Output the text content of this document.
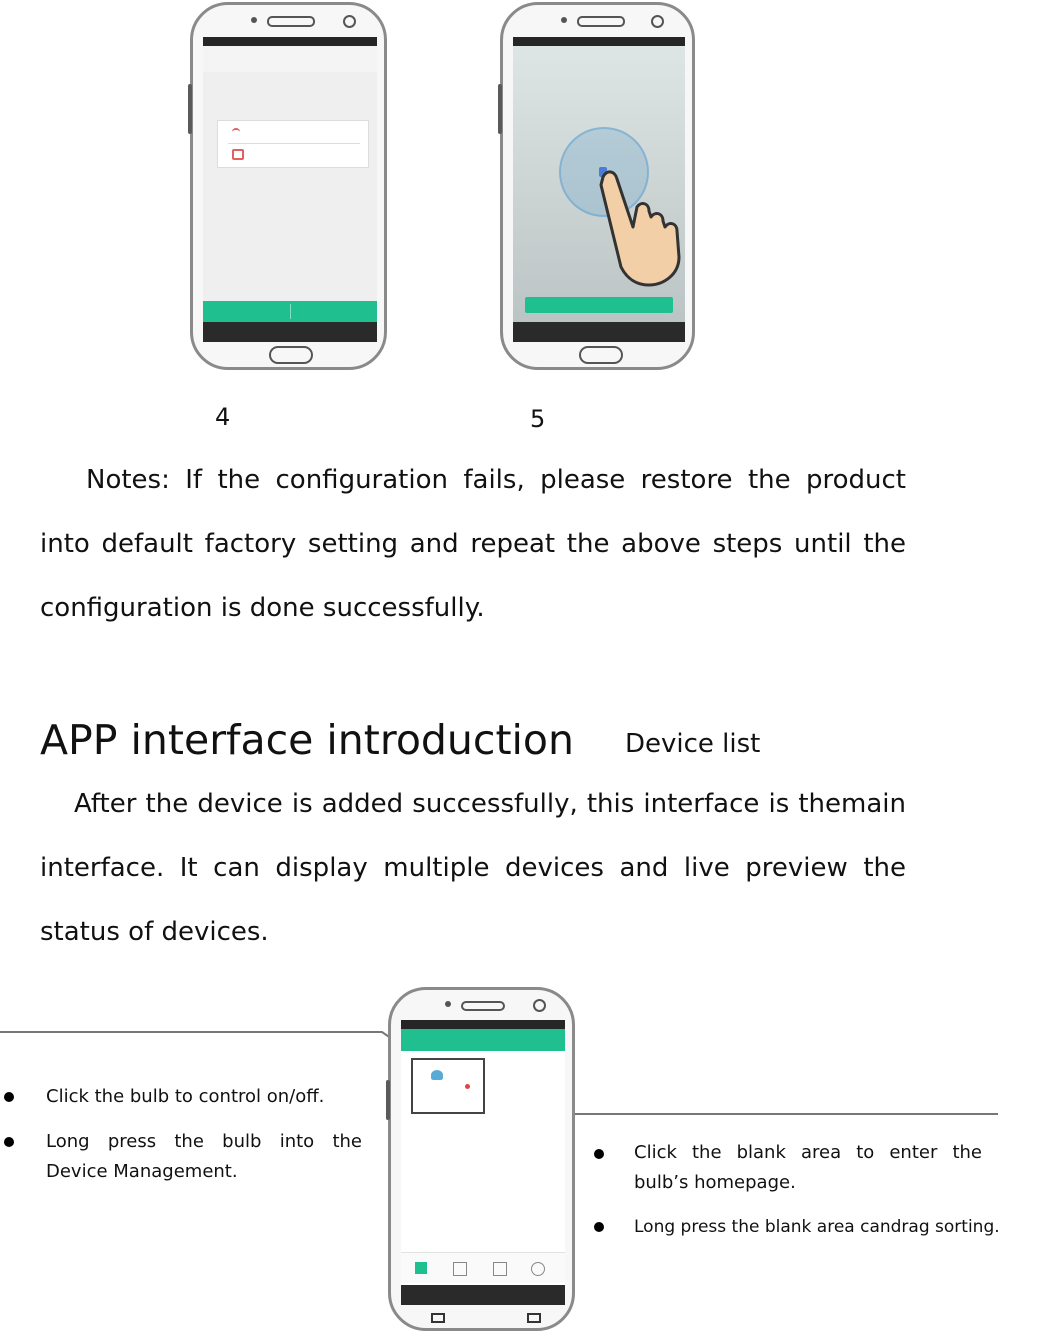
4	5
Notes: If the configuration fails, please restore the product into default factory setting and repeat the above steps until the configuration is done successfully.
APP interface introduction Device list
After the device is added successfully, this interface is themain interface. It can display multiple devices and live preview the status of devices.
Click the bulb to control on/off.
Long press the bulb into the Device Management.
Click the blank area to enter the bulb’s homepage.
Long press the blank area candrag sorting.
